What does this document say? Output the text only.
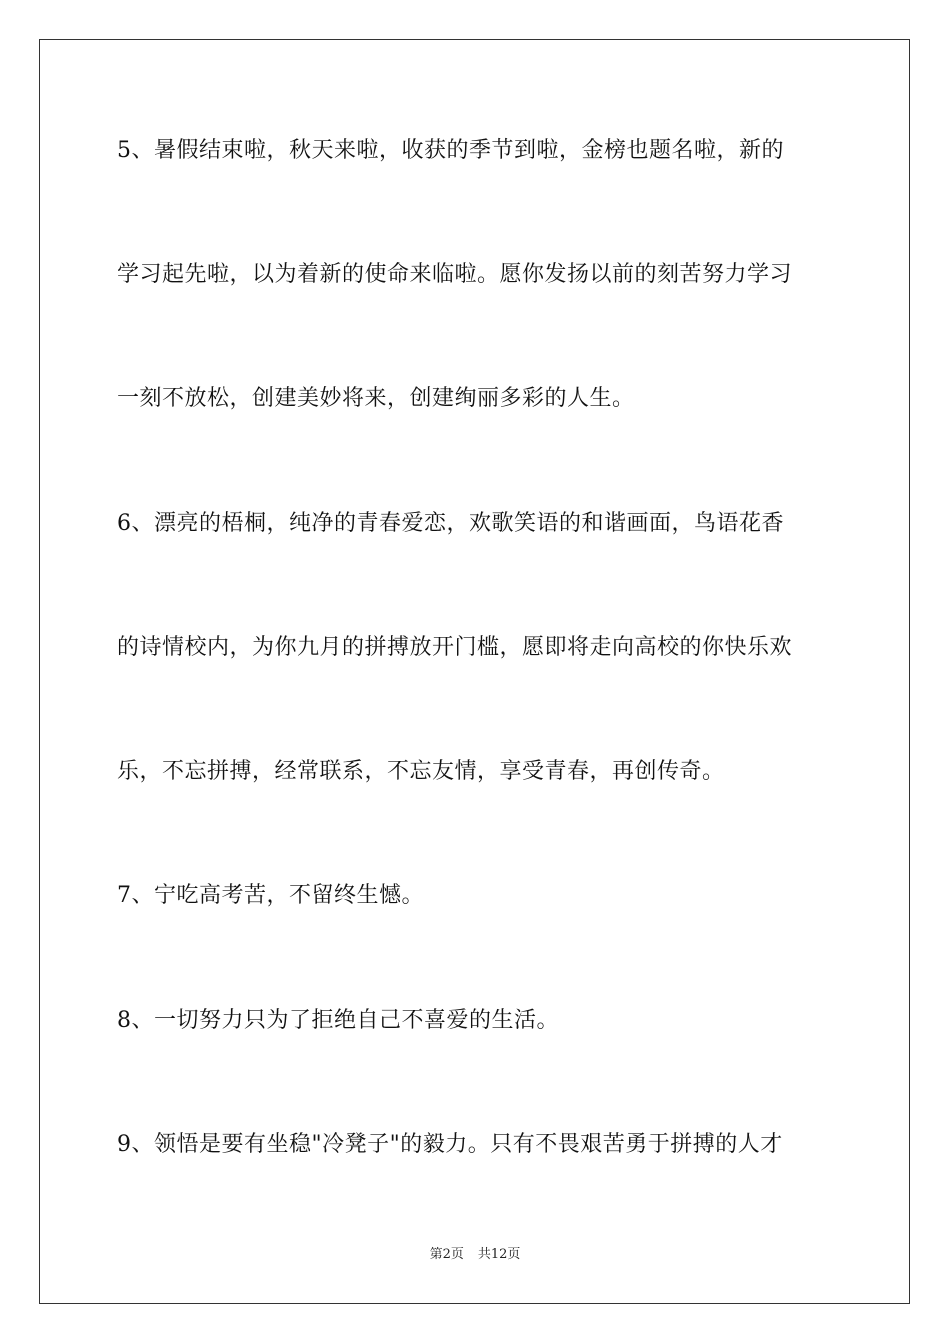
5、暑假结束啦，秋天来啦，收获的季节到啦，金榜也题名啦，新的
学习起先啦，以为着新的使命来临啦。愿你发扬以前的刻苦努力学习
一刻不放松，创建美妙将来，创建绚丽多彩的人生。
6、漂亮的梧桐，纯净的青春爱恋，欢歌笑语的和谐画面，鸟语花香
的诗情校内，为你九月的拼搏放开门槛，愿即将走向高校的你快乐欢
乐，不忘拼搏，经常联系，不忘友情，享受青春，再创传奇。
7、宁吃高考苦，不留终生憾。
8、一切努力只为了拒绝自己不喜爱的生活。
9、领悟是要有坐稳"冷凳子"的毅力。只有不畏艰苦勇于拼搏的人才
第2页 共12页
